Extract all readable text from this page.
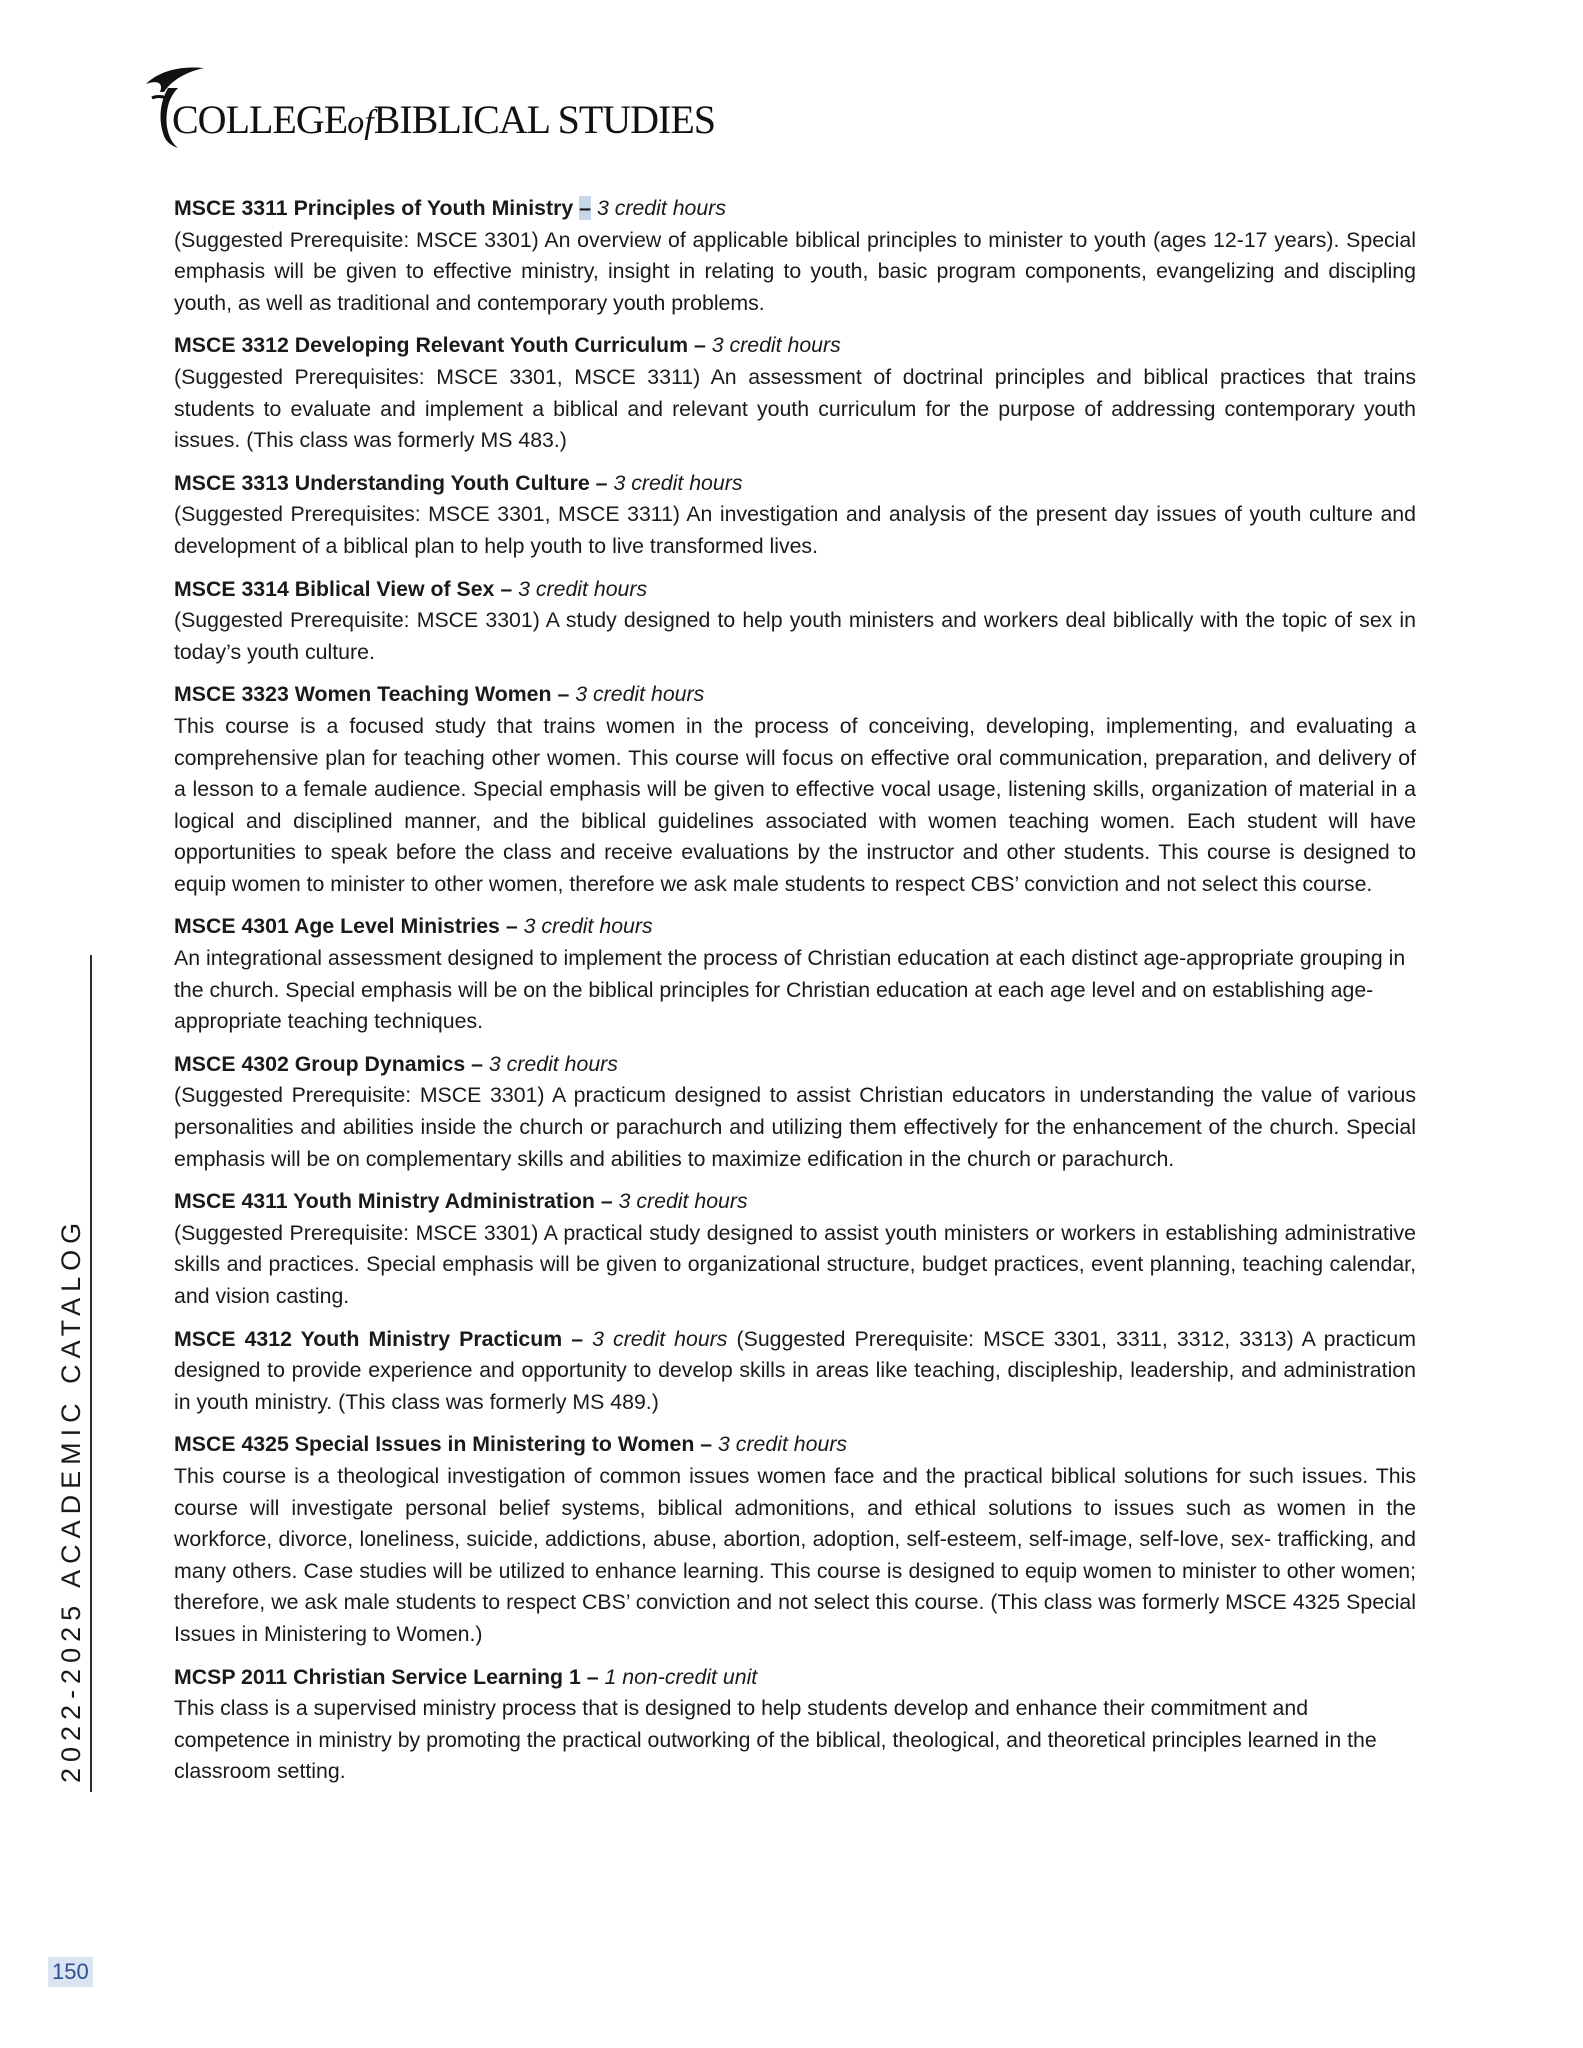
COLLEGEofBIBLICAL STUDIES

MSCE 3311 Principles of Youth Ministry – 3 credit hours
(Suggested Prerequisite: MSCE 3301) An overview of applicable biblical principles to minister to youth (ages 12-17 years). Special emphasis will be given to effective ministry, insight in relating to youth, basic program components, evangelizing and discipling youth, as well as traditional and contemporary youth problems.

MSCE 3312 Developing Relevant Youth Curriculum – 3 credit hours
(Suggested Prerequisites: MSCE 3301, MSCE 3311) An assessment of doctrinal principles and biblical practices that trains students to evaluate and implement a biblical and relevant youth curriculum for the purpose of addressing contemporary youth issues. (This class was formerly MS 483.)

MSCE 3313 Understanding Youth Culture – 3 credit hours
(Suggested Prerequisites: MSCE 3301, MSCE 3311) An investigation and analysis of the present day issues of youth culture and development of a biblical plan to help youth to live transformed lives.

MSCE 3314 Biblical View of Sex – 3 credit hours
(Suggested Prerequisite: MSCE 3301) A study designed to help youth ministers and workers deal biblically with the topic of sex in today’s youth culture.

MSCE 3323 Women Teaching Women – 3 credit hours
This course is a focused study that trains women in the process of conceiving, developing, implementing, and evaluating a comprehensive plan for teaching other women. This course will focus on effective oral communication, preparation, and delivery of a lesson to a female audience. Special emphasis will be given to effective vocal usage, listening skills, organization of material in a logical and disciplined manner, and the biblical guidelines associated with women teaching women. Each student will have opportunities to speak before the class and receive evaluations by the instructor and other students. This course is designed to equip women to minister to other women, therefore we ask male students to respect CBS’ conviction and not select this course.

MSCE 4301 Age Level Ministries – 3 credit hours
An integrational assessment designed to implement the process of Christian education at each distinct age-appropriate grouping in the church. Special emphasis will be on the biblical principles for Christian education at each age level and on establishing age-appropriate teaching techniques.

MSCE 4302 Group Dynamics – 3 credit hours
(Suggested Prerequisite: MSCE 3301) A practicum designed to assist Christian educators in understanding the value of various personalities and abilities inside the church or parachurch and utilizing them effectively for the enhancement of the church. Special emphasis will be on complementary skills and abilities to maximize edification in the church or parachurch.

MSCE 4311 Youth Ministry Administration – 3 credit hours
(Suggested Prerequisite: MSCE 3301) A practical study designed to assist youth ministers or workers in establishing administrative skills and practices. Special emphasis will be given to organizational structure, budget practices, event planning, teaching calendar, and vision casting.

MSCE 4312 Youth Ministry Practicum – 3 credit hours (Suggested Prerequisite: MSCE 3301, 3311, 3312, 3313) A practicum designed to provide experience and opportunity to develop skills in areas like teaching, discipleship, leadership, and administration in youth ministry. (This class was formerly MS 489.)

MSCE 4325 Special Issues in Ministering to Women – 3 credit hours
This course is a theological investigation of common issues women face and the practical biblical solutions for such issues. This course will investigate personal belief systems, biblical admonitions, and ethical solutions to issues such as women in the workforce, divorce, loneliness, suicide, addictions, abuse, abortion, adoption, self-esteem, self-image, self-love, sex- trafficking, and many others. Case studies will be utilized to enhance learning. This course is designed to equip women to minister to other women; therefore, we ask male students to respect CBS’ conviction and not select this course. (This class was formerly MSCE 4325 Special Issues in Ministering to Women.)

MCSP 2011 Christian Service Learning 1 – 1 non-credit unit
This class is a supervised ministry process that is designed to help students develop and enhance their commitment and competence in ministry by promoting the practical outworking of the biblical, theological, and theoretical principles learned in the classroom setting.

2022-2025 ACADEMIC CATALOG
150
